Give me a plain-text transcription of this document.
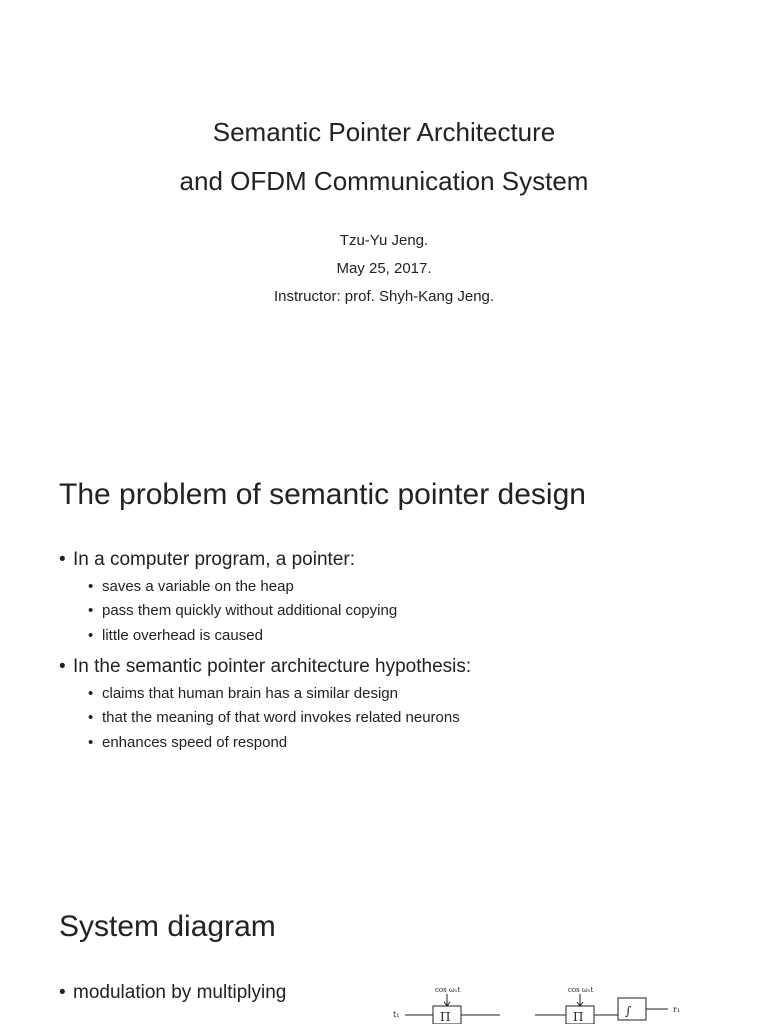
Semantic Pointer Architecture
and OFDM Communication System
Tzu-Yu Jeng.
May 25, 2017.
Instructor: prof. Shyh-Kang Jeng.
The problem of semantic pointer design
• In a computer program, a pointer:
• saves a variable on the heap
• pass them quickly without additional copying
• little overhead is caused
• In the semantic pointer architecture hypothesis:
• claims that human brain has a similar design
• that the meaning of that word invokes related neurons
• enhances speed of respond
System diagram
• modulation by multiplying	cos ω₁t
Π
t₁
cos ω₁t
Π	∫	r₁
